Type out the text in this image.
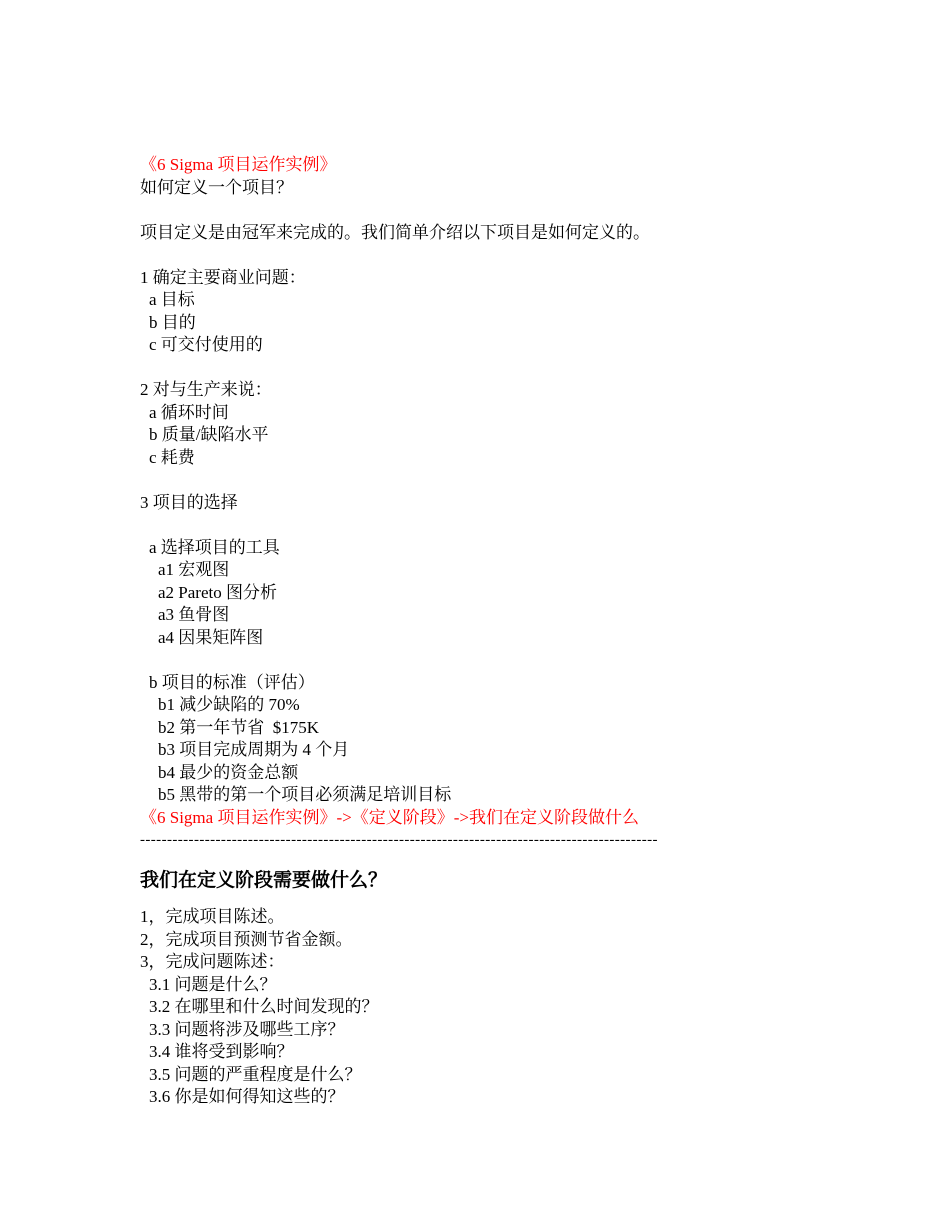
《6 Sigma 项目运作实例》
如何定义一个项目？
项目定义是由冠军来完成的。我们简单介绍以下项目是如何定义的。
1 确定主要商业问题：
a 目标
b 目的
c 可交付使用的
2 对与生产来说：
a 循环时间
b 质量/缺陷水平
c 耗费
3 项目的选择
a 选择项目的工具
a1 宏观图
a2 Pareto 图分析
a3 鱼骨图
a4 因果矩阵图
b 项目的标准（评估）
b1 减少缺陷的 70%
b2 第一年节省  $175K
b3 项目完成周期为 4 个月
b4 最少的资金总额
b5 黑带的第一个项目必须满足培训目标
《6 Sigma 项目运作实例》->《定义阶段》->我们在定义阶段做什么
------------------------------------------------------------------------------------------------
我们在定义阶段需要做什么？
1，完成项目陈述。
2，完成项目预测节省金额。
3，完成问题陈述：
3.1 问题是什么？
3.2 在哪里和什么时间发现的？
3.3 问题将涉及哪些工序？
3.4 谁将受到影响？
3.5 问题的严重程度是什么？
3.6 你是如何得知这些的？
